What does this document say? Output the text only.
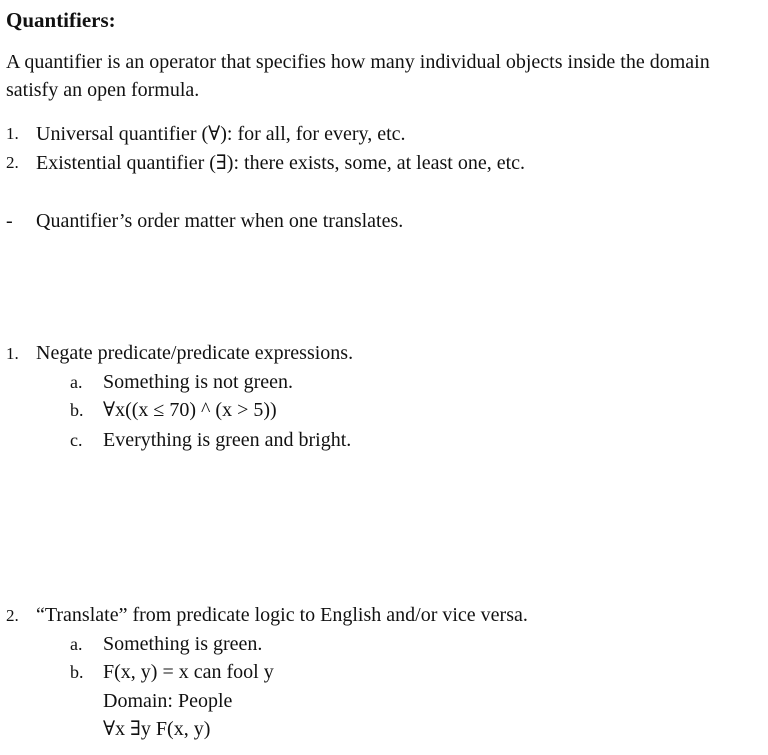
Quantifiers:
A quantifier is an operator that specifies how many individual objects inside the domain satisfy an open formula.
1. Universal quantifier (∀): for all, for every, etc.
2. Existential quantifier (∃): there exists, some, at least one, etc.
- Quantifier’s order matter when one translates.
1. Negate predicate/predicate expressions.
a. Something is not green.
b. ∀x((x ≤ 70) ^ (x > 5))
c. Everything is green and bright.
2. “Translate” from predicate logic to English and/or vice versa.
a. Something is green.
b. F(x, y) = x can fool y
Domain: People
∀x ∃y F(x, y)
